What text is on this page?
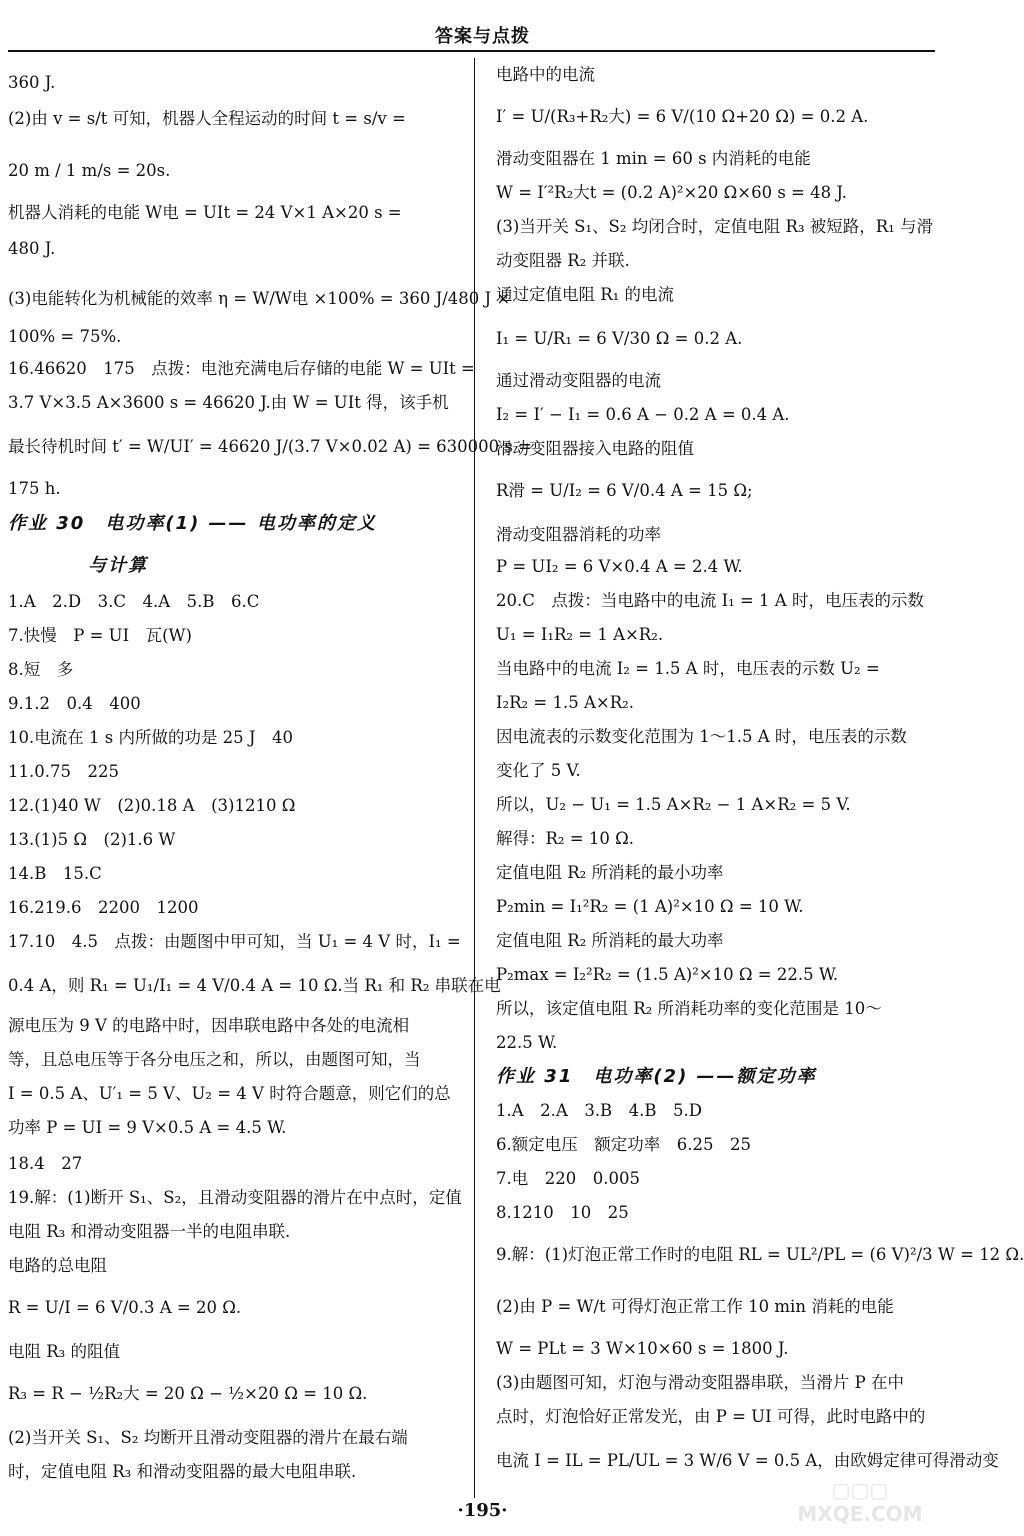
答案与点拨
360 J.
(2)由 v = s/t 可知，机器人全程运动的时间 t = s/v =
20 m / 1 m/s = 20s.
机器人消耗的电能 W电 = UIt = 24 V×1 A×20 s =
480 J.
(3)电能转化为机械能的效率 η = W/W电 ×100% = 360 J/480 J ×
100% = 75%.
16.46620　175　点拨：电池充满电后存储的电能 W = UIt =
3.7 V×3.5 A×3600 s = 46620 J.由 W = UIt 得，该手机
最长待机时间 t′ = W/UI′ = 46620 J/(3.7 V×0.02 A) = 630000 s =
175 h.
作业 30　电功率(1) —— 电功率的定义
　　　　与计算
1.A　2.D　3.C　4.A　5.B　6.C
7.快慢　P = UI　瓦(W)
8.短　多
9.1.2　0.4　400
10.电流在 1 s 内所做的功是 25 J　40
11.0.75　225
12.(1)40 W　(2)0.18 A　(3)1210 Ω
13.(1)5 Ω　(2)1.6 W
14.B　15.C
16.219.6　2200　1200
17.10　4.5　点拨：由题图中甲可知，当 U₁ = 4 V 时，I₁ =
0.4 A，则 R₁ = U₁/I₁ = 4 V/0.4 A = 10 Ω.当 R₁ 和 R₂ 串联在电
源电压为 9 V 的电路中时，因串联电路中各处的电流相
等，且总电压等于各分电压之和，所以，由题图可知，当
I = 0.5 A、U′₁ = 5 V、U₂ = 4 V 时符合题意，则它们的总
功率 P = UI = 9 V×0.5 A = 4.5 W.
18.4　27
19.解：(1)断开 S₁、S₂，且滑动变阻器的滑片在中点时，定值
电阻 R₃ 和滑动变阻器一半的电阻串联.
电路的总电阻
R = U/I = 6 V/0.3 A = 20 Ω.
电阻 R₃ 的阻值
R₃ = R − ½R₂大 = 20 Ω − ½×20 Ω = 10 Ω.
(2)当开关 S₁、S₂ 均断开且滑动变阻器的滑片在最右端
时，定值电阻 R₃ 和滑动变阻器的最大电阻串联.
电路中的电流
I′ = U/(R₃+R₂大) = 6 V/(10 Ω+20 Ω) = 0.2 A.
滑动变阻器在 1 min = 60 s 内消耗的电能
W = I′²R₂大t = (0.2 A)²×20 Ω×60 s = 48 J.
(3)当开关 S₁、S₂ 均闭合时，定值电阻 R₃ 被短路，R₁ 与滑
动变阻器 R₂ 并联.
通过定值电阻 R₁ 的电流
I₁ = U/R₁ = 6 V/30 Ω = 0.2 A.
通过滑动变阻器的电流
I₂ = I′ − I₁ = 0.6 A − 0.2 A = 0.4 A.
滑动变阻器接入电路的阻值
R滑 = U/I₂ = 6 V/0.4 A = 15 Ω;
滑动变阻器消耗的功率
P = UI₂ = 6 V×0.4 A = 2.4 W.
20.C　点拨：当电路中的电流 I₁ = 1 A 时，电压表的示数
U₁ = I₁R₂ = 1 A×R₂.
当电路中的电流 I₂ = 1.5 A 时，电压表的示数 U₂ =
I₂R₂ = 1.5 A×R₂.
因电流表的示数变化范围为 1～1.5 A 时，电压表的示数
变化了 5 V.
所以，U₂ − U₁ = 1.5 A×R₂ − 1 A×R₂ = 5 V.
解得：R₂ = 10 Ω.
定值电阻 R₂ 所消耗的最小功率
P₂min = I₁²R₂ = (1 A)²×10 Ω = 10 W.
定值电阻 R₂ 所消耗的最大功率
P₂max = I₂²R₂ = (1.5 A)²×10 Ω = 22.5 W.
所以，该定值电阻 R₂ 所消耗功率的变化范围是 10～
22.5 W.
作业 31　电功率(2) ——额定功率
1.A　2.A　3.B　4.B　5.D
6.额定电压　额定功率　6.25　25
7.电　220　0.005
8.1210　10　25
9.解：(1)灯泡正常工作时的电阻 RL = UL²/PL = (6 V)²/3 W = 12 Ω.
(2)由 P = W/t 可得灯泡正常工作 10 min 消耗的电能
W = PLt = 3 W×10×60 s = 1800 J.
(3)由题图可知，灯泡与滑动变阻器串联，当滑片 P 在中
点时，灯泡恰好正常发光，由 P = UI 可得，此时电路中的
电流 I = IL = PL/UL = 3 W/6 V = 0.5 A，由欧姆定律可得滑动变
·195·
▢▢▢
MXQE.COM
